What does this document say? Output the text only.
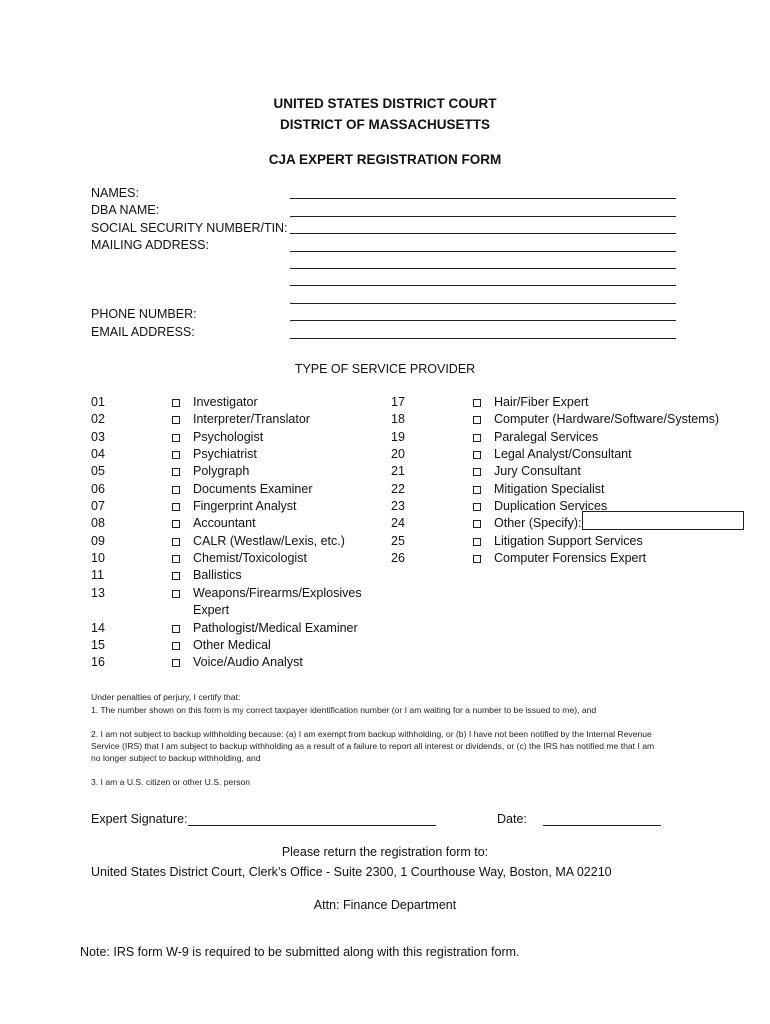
UNITED STATES DISTRICT COURT
DISTRICT OF MASSACHUSETTS
CJA EXPERT REGISTRATION FORM
NAMES:
DBA NAME:
SOCIAL SECURITY NUMBER/TIN:
MAILING ADDRESS:
PHONE NUMBER:
EMAIL ADDRESS:
TYPE OF SERVICE PROVIDER
01	Investigator
02	Interpreter/Translator
03	Psychologist
04	Psychiatrist
05	Polygraph
06	Documents Examiner
07	Fingerprint Analyst
08	Accountant
09	CALR (Westlaw/Lexis, etc.)
10	Chemist/Toxicologist
11	Ballistics
13	Weapons/Firearms/Explosives
Expert
14	Pathologist/Medical Examiner
15	Other Medical
16	Voice/Audio Analyst
17	Hair/Fiber Expert
18	Computer (Hardware/Software/Systems)
19	Paralegal Services
20	Legal Analyst/Consultant
21	Jury Consultant
22	Mitigation Specialist
23	Duplication Services
24	Other (Specify):
25	Litigation Support Services
26	Computer Forensics Expert
Under penalties of perjury, I certify that:
1. The number shown on this form is my correct taxpayer identification number (or I am waiting for a number to be issued to me), and
2. I am not subject to backup withholding because: (a) I am exempt from backup withholding, or (b) I have not been notified by the Internal Revenue
Service (IRS) that I am subject to backup withholding as a result of a failure to report all interest or dividends, or (c) the IRS has notified me that I am
no longer subject to backup withholding, and
3. I am a U.S. citizen or other U.S. person
Expert Signature:	Date:
Please return the registration form to:
United States District Court, Clerk’s Office - Suite 2300, 1 Courthouse Way, Boston, MA 02210
Attn: Finance Department
Note: IRS form W-9 is required to be submitted along with this registration form.
